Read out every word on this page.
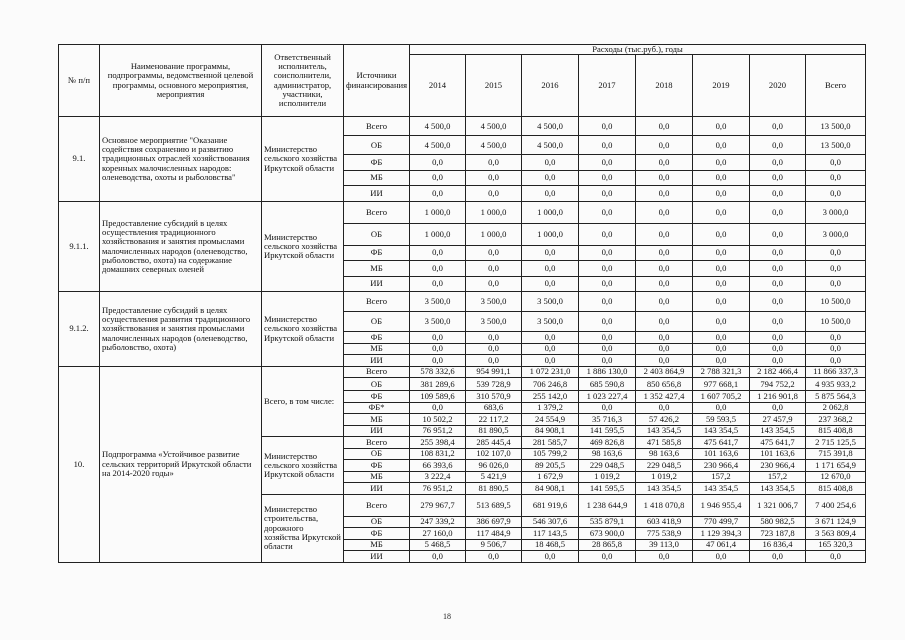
№ п/п	Наименование программы, подпрограммы, ведомственной целевой программы, основного мероприятия, мероприятия	Ответственный исполнитель, соисполнители, администратор, участники, исполнители	Источники финансирования	Расходы (тыс.руб.), годы							
				2014	2015	2016	2017	2018	2019	2020	Всего
9.1.	Основное мероприятие "Оказание содействия сохранению и развитию традиционных отраслей хозяйствования коренных малочисленных народов: оленеводства, охоты и рыболовства"	Министерство сельского хозяйства Иркутской области	Всего	4 500,0	4 500,0	4 500,0	0,0	0,0	0,0	0,0	13 500,0
			ОБ	4 500,0	4 500,0	4 500,0	0,0	0,0	0,0	0,0	13 500,0
			ФБ	0,0	0,0	0,0	0,0	0,0	0,0	0,0	0,0
			МБ	0,0	0,0	0,0	0,0	0,0	0,0	0,0	0,0
			ИИ	0,0	0,0	0,0	0,0	0,0	0,0	0,0	0,0
9.1.1.	Предоставление субсидий в целях осуществления традиционного хозяйствования и занятия промыслами малочисленных народов (оленеводство, рыболовство, охота) на содержание домашних северных оленей	Министерство сельского хозяйства Иркутской области	Всего	1 000,0	1 000,0	1 000,0	0,0	0,0	0,0	0,0	3 000,0
			ОБ	1 000,0	1 000,0	1 000,0	0,0	0,0	0,0	0,0	3 000,0
			ФБ	0,0	0,0	0,0	0,0	0,0	0,0	0,0	0,0
			МБ	0,0	0,0	0,0	0,0	0,0	0,0	0,0	0,0
			ИИ	0,0	0,0	0,0	0,0	0,0	0,0	0,0	0,0
9.1.2.	Предоставление субсидий в целях осуществления развития традиционного хозяйствования и занятия промыслами малочисленных народов (оленеводство, рыболовство, охота)	Министерство сельского хозяйства Иркутской области	Всего	3 500,0	3 500,0	3 500,0	0,0	0,0	0,0	0,0	10 500,0
			ОБ	3 500,0	3 500,0	3 500,0	0,0	0,0	0,0	0,0	10 500,0
			ФБ	0,0	0,0	0,0	0,0	0,0	0,0	0,0	0,0
			МБ	0,0	0,0	0,0	0,0	0,0	0,0	0,0	0,0
			ИИ	0,0	0,0	0,0	0,0	0,0	0,0	0,0	0,0
10.	Подпрограмма «Устойчивое развитие сельских территорий Иркутской области на 2014-2020 годы»	Всего, в том числе:	Всего	578 332,6	954 991,1	1 072 231,0	1 886 130,0	2 403 864,9	2 788 321,3	2 182 466,4	11 866 337,3
			ОБ	381 289,6	539 728,9	706 246,8	685 590,8	850 656,8	977 668,1	794 752,2	4 935 933,2
			ФБ	109 589,6	310 570,9	255 142,0	1 023 227,4	1 352 427,4	1 607 705,2	1 216 901,8	5 875 564,3
			ФБ*	0,0	683,6	1 379,2	0,0	0,0	0,0	0,0	2 062,8
			МБ	10 502,2	22 117,2	24 554,9	35 716,3	57 426,2	59 593,5	27 457,9	237 368,2
			ИИ	76 951,2	81 890,5	84 908,1	141 595,5	143 354,5	143 354,5	143 354,5	815 408,8
		Министерство сельского хозяйства Иркутской области	Всего	255 398,4	285 445,4	281 585,7	469 826,8	471 585,8	475 641,7	475 641,7	2 715 125,5
			ОБ	108 831,2	102 107,0	105 799,2	98 163,6	98 163,6	101 163,6	101 163,6	715 391,8
			ФБ	66 393,6	96 026,0	89 205,5	229 048,5	229 048,5	230 966,4	230 966,4	1 171 654,9
			МБ	3 222,4	5 421,9	1 672,9	1 019,2	1 019,2	157,2	157,2	12 670,0
			ИИ	76 951,2	81 890,5	84 908,1	141 595,5	143 354,5	143 354,5	143 354,5	815 408,8
		Министерство строительства, дорожного хозяйства Иркутской области	Всего	279 967,7	513 689,5	681 919,6	1 238 644,9	1 418 070,8	1 946 955,4	1 321 006,7	7 400 254,6
			ОБ	247 339,2	386 697,9	546 307,6	535 879,1	603 418,9	770 499,7	580 982,5	3 671 124,9
			ФБ	27 160,0	117 484,9	117 143,5	673 900,0	775 538,9	1 129 394,3	723 187,8	3 563 809,4
			МБ	5 468,5	9 506,7	18 468,5	28 865,8	39 113,0	47 061,4	16 836,4	165 320,3
			ИИ	0,0	0,0	0,0	0,0	0,0	0,0	0,0	0,0
18
